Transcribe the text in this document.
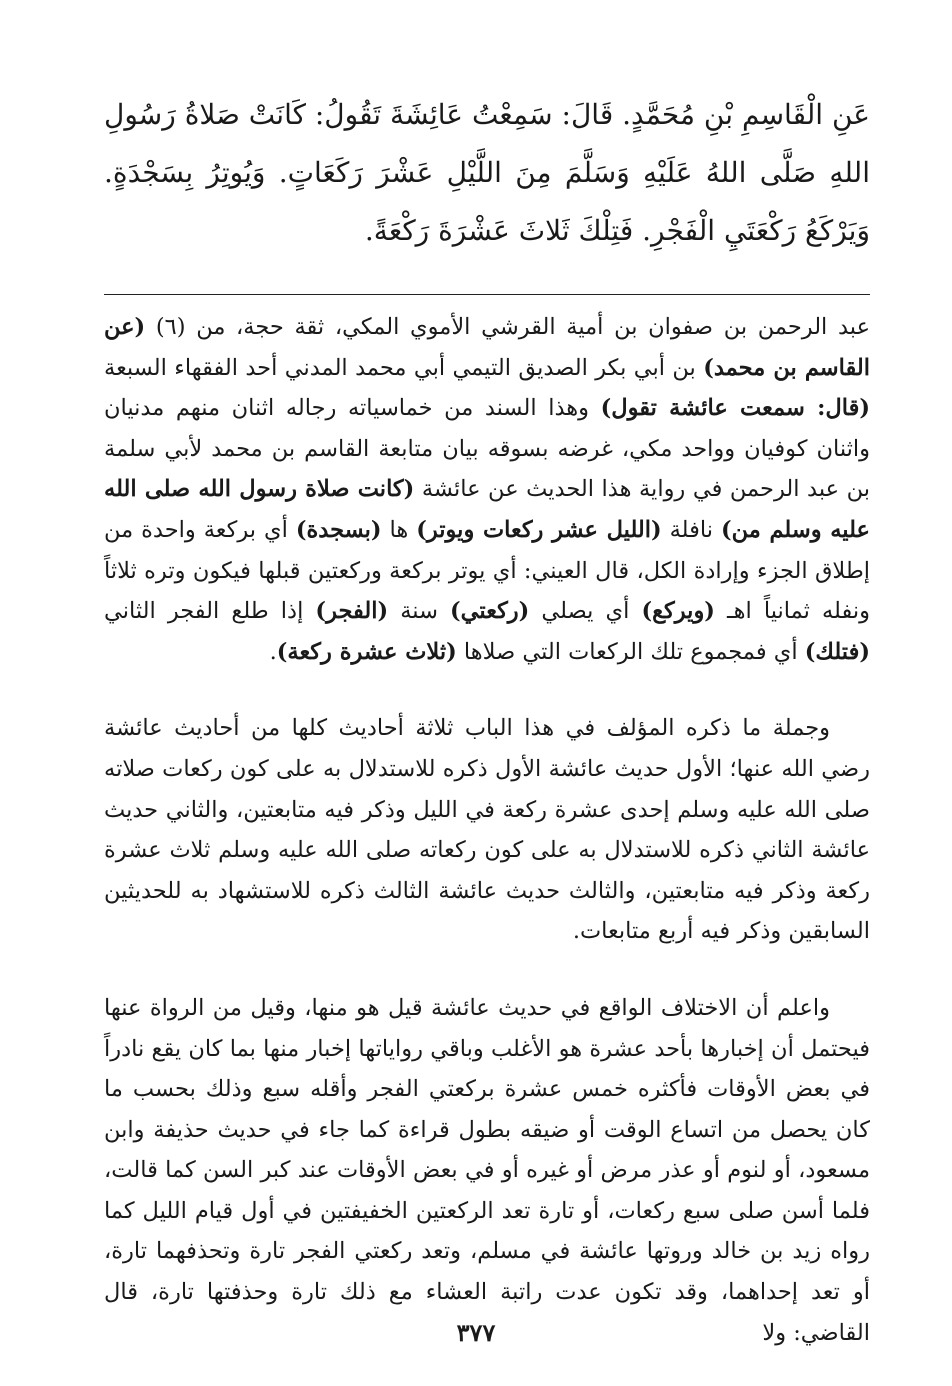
عَنِ الْقَاسِمِ بْنِ مُحَمَّدٍ. قَالَ: سَمِعْتُ عَائِشَةَ تَقُولُ: كَانَتْ صَلاةُ رَسُولِ اللهِ صَلَّى اللهُ عَلَيْهِ وَسَلَّمَ مِنَ اللَّيْلِ عَشْرَ رَكَعَاتٍ. وَيُوتِرُ بِسَجْدَةٍ. وَيَرْكَعُ رَكْعَتَيِ الْفَجْرِ. فَتِلْكَ ثَلاثَ عَشْرَةَ رَكْعَةً.

عبد الرحمن بن صفوان بن أمية القرشي الأموي المكي، ثقة حجة، من (٦) (عن القاسم بن محمد) بن أبي بكر الصديق التيمي أبي محمد المدني أحد الفقهاء السبعة (قال: سمعت عائشة تقول) وهذا السند من خماسياته رجاله اثنان منهم مدنيان واثنان كوفيان وواحد مكي، غرضه بسوقه بيان متابعة القاسم بن محمد لأبي سلمة بن عبد الرحمن في رواية هذا الحديث عن عائشة (كانت صلاة رسول الله صلى الله عليه وسلم من) نافلة (الليل عشر ركعات ويوتر) ها (بسجدة) أي بركعة واحدة من إطلاق الجزء وإرادة الكل، قال العيني: أي يوتر بركعة وركعتين قبلها فيكون وتره ثلاثاً ونفله ثمانياً اهـ (ويركع) أي يصلي (ركعتي) سنة (الفجر) إذا طلع الفجر الثاني (فتلك) أي فمجموع تلك الركعات التي صلاها (ثلاث عشرة ركعة).

وجملة ما ذكره المؤلف في هذا الباب ثلاثة أحاديث كلها من أحاديث عائشة رضي الله عنها؛ الأول حديث عائشة الأول ذكره للاستدلال به على كون ركعات صلاته صلى الله عليه وسلم إحدى عشرة ركعة في الليل وذكر فيه متابعتين، والثاني حديث عائشة الثاني ذكره للاستدلال به على كون ركعاته صلى الله عليه وسلم ثلاث عشرة ركعة وذكر فيه متابعتين، والثالث حديث عائشة الثالث ذكره للاستشهاد به للحديثين السابقين وذكر فيه أربع متابعات.

واعلم أن الاختلاف الواقع في حديث عائشة قيل هو منها، وقيل من الرواة عنها فيحتمل أن إخبارها بأحد عشرة هو الأغلب وباقي رواياتها إخبار منها بما كان يقع نادراً في بعض الأوقات فأكثره خمس عشرة بركعتي الفجر وأقله سبع وذلك بحسب ما كان يحصل من اتساع الوقت أو ضيقه بطول قراءة كما جاء في حديث حذيفة وابن مسعود، أو لنوم أو عذر مرض أو غيره أو في بعض الأوقات عند كبر السن كما قالت، فلما أسن صلى سبع ركعات، أو تارة تعد الركعتين الخفيفتين في أول قيام الليل كما رواه زيد بن خالد وروتها عائشة في مسلم، وتعد ركعتي الفجر تارة وتحذفهما تارة، أو تعد إحداهما، وقد تكون عدت راتبة العشاء مع ذلك تارة وحذفتها تارة، قال القاضي: ولا

٣٧٧
